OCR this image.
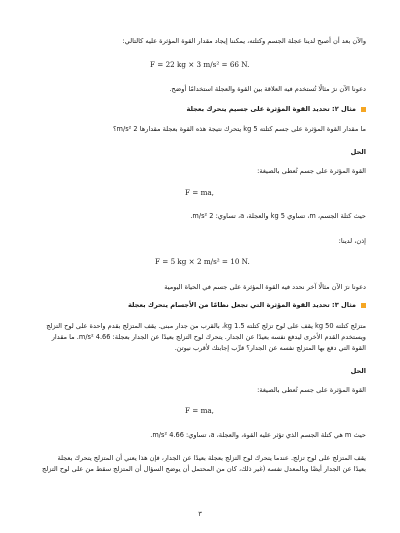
والآن بعد أن أصبح لدينا عجلة الجسم وكتلته، يمكننا إيجاد مقدار القوة المؤثرة عليه كالتالي:
F = 22 kg × 3 m/s² = 66 N.
دعونا الآن نرَ مثالًا تُستخدم فيه العلاقة بين القوة والعجلة استخدامًا أوضح.
مثال ٢: تحديد القوة المؤثرة على جسيم يتحرك بعجلة
ما مقدار القوة المؤثرة على جسم كتلته 5 kg يتحرك نتيجة هذه القوة بعجلة مقدارها 2 m/s²؟
الحل
القوة المؤثرة على جسم تُعطى بالصيغة:
F = ma,
حيث كتلة الجسم، m، تساوي 5 kg والعجلة، a، تساوي: 2 m/s².
إذن، لدينا:
F = 5 kg × 2 m/s² = 10 N.
دعونا نرَ الآن مثالًا آخر نحدد فيه القوة المؤثرة على جسم في الحياة اليومية
مثال ٣: تحديد القوة المؤثرة التي تجعل نظامًا من الأجسام يتحرك بعجلة
متزلج كتلته 50 kg يقف على لوح تزلج كتلته 1.5 kg، بالقرب من جدار مبنى. يقف المتزلج بقدم واحدة على لوح التزلج
ويستخدم القدم الأخرى ليدفع نفسه بعيدًا عن الجدار. يتحرك لوح التزلج بعيدًا عن الجدار بعجلة: 4.66 m/s². ما مقدار
القوة التي دفع بها المتزلج نفسه عن الجدار؟ قرِّب إجابتك لأقرب نيوتن.
الحل
القوة المؤثرة على جسم تُعطى بالصيغة:
F = ma,
حيث m هي كتلة الجسم الذي تؤثر عليه القوة، والعجلة، a، تساوي: 4.66 m/s².
يقف المتزلج على لوح تزلج. عندما يتحرك لوح التزلج بعجلة بعيدًا عن الجدار، فإن هذا يعني أن المتزلج يتحرك بعجلة
بعيدًا عن الجدار أيضًا وبالمعدل نفسه (غير ذلك، كان من المحتمل أن يوضح السؤال أن المتزلج سقط من على لوح التزلج
٣
